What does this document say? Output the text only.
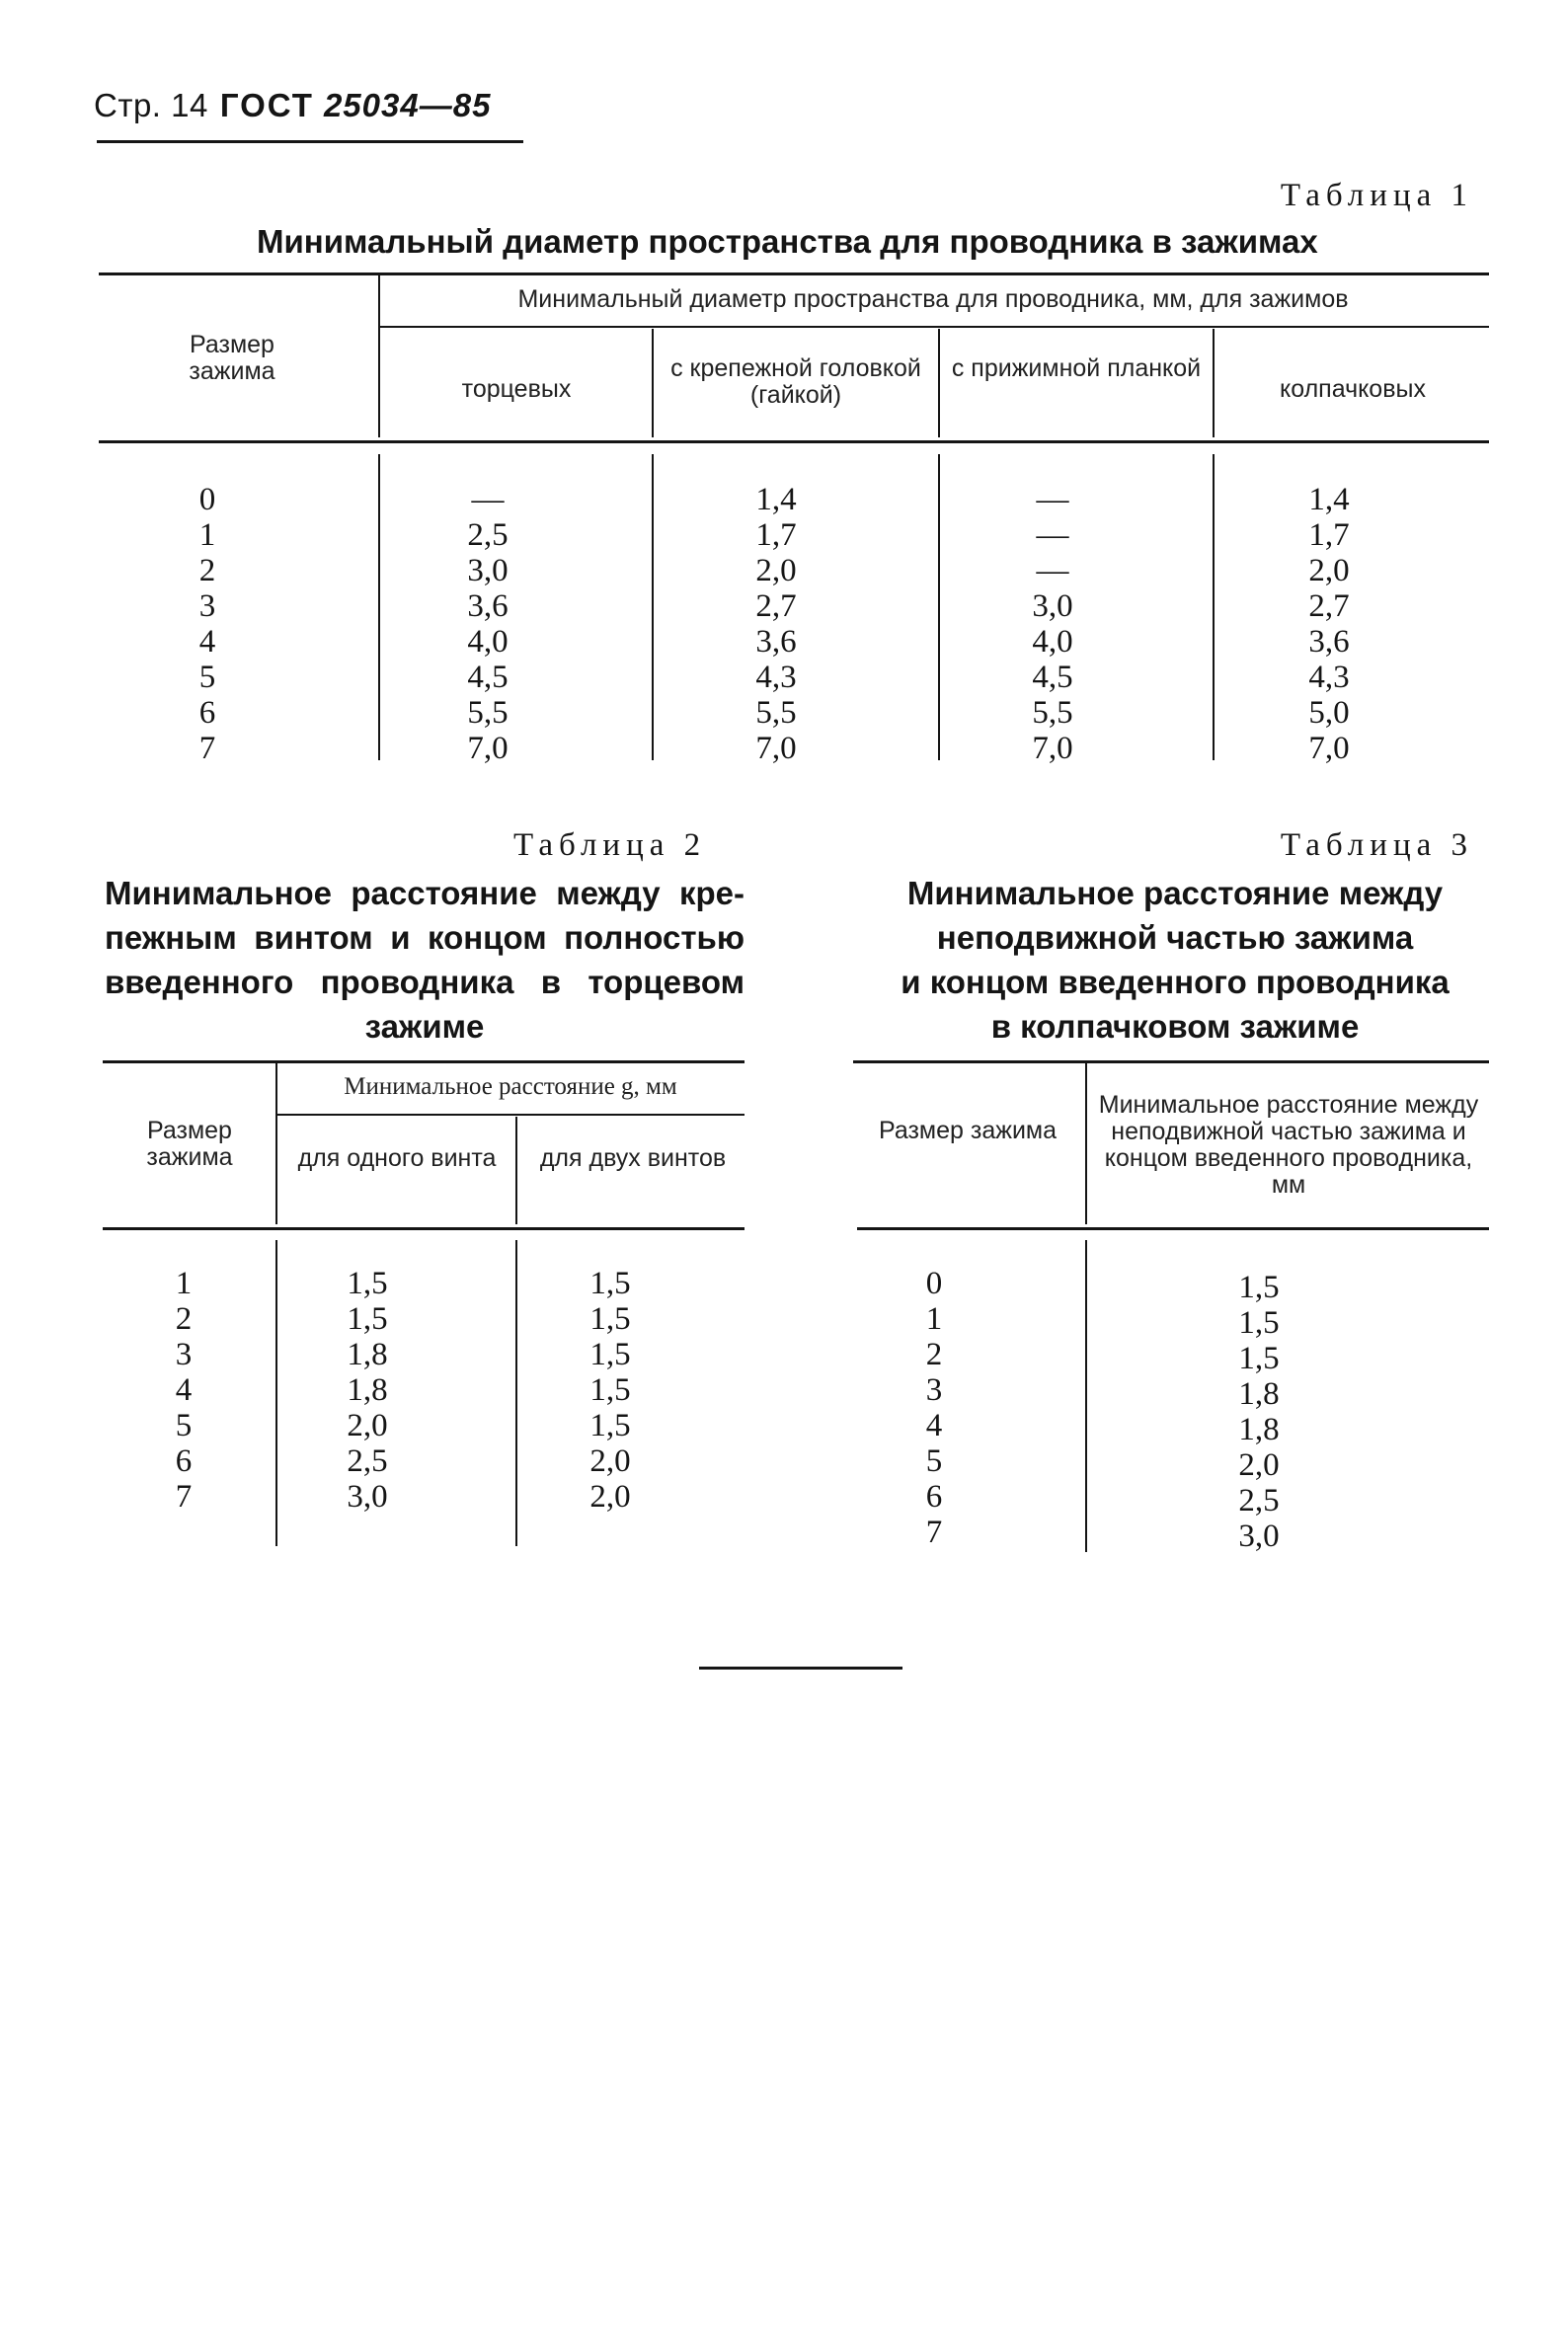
Стр. 14 ГОСТ 25034—85
Таблица 1
Минимальный диаметр пространства для проводника в зажимах
Размер зажима
Минимальный диаметр пространства для проводника, мм, для зажимов
торцевых
с крепежной головкой (гайкой)
с прижимной планкой
колпачковых
0
1
2
3
4
5
6
7
—
2,5
3,0
3,6
4,0
4,5
5,5
7,0
1,4
1,7
2,0
2,7
3,6
4,3
5,5
7,0
—
—
—
3,0
4,0
4,5
5,5
7,0
1,4
1,7
2,0
2,7
3,6
4,3
5,0
7,0
Таблица 2
Минимальное расстояние между кре-
пежным винтом и концом полностью
введенного проводника в торцевом
зажиме
Размер зажима
Минимальное расстояние g, мм
для одного винта	для двух винтов
1
2
3
4
5
6
7
1,5
1,5
1,8
1,8
2,0
2,5
3,0
1,5
1,5
1,5
1,5
1,5
2,0
2,0
Таблица 3
Минимальное расстояние между
неподвижной частью зажима
и концом введенного проводника
в колпачковом зажиме
Размер зажима
Минимальное расстояние между неподвижной частью зажима и концом введенного проводника, мм
0
1
2
3
4
5
6
7
1,5
1,5
1,5
1,8
1,8
2,0
2,5
3,0
